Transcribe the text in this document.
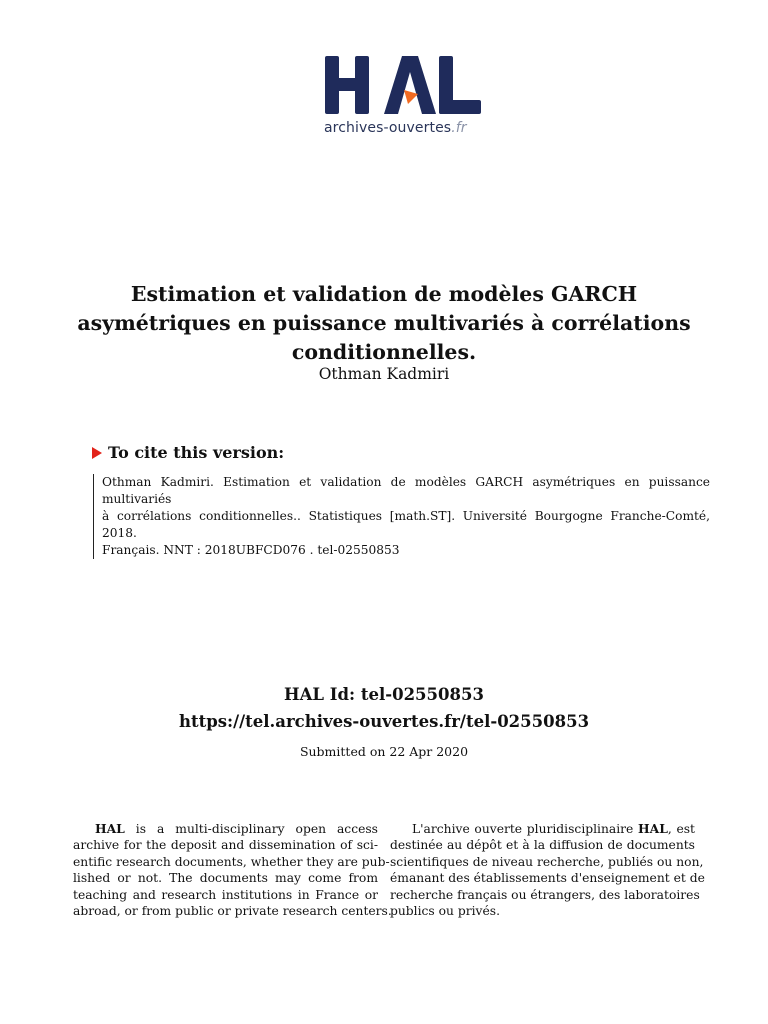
archives-ouvertes.fr
Estimation et validation de modèles GARCH
asymétriques en puissance multivariés à corrélations
conditionnelles.
Othman Kadmiri
To cite this version:
Othman Kadmiri. Estimation et validation de modèles GARCH asymétriques en puissance multivariés
à corrélations conditionnelles.. Statistiques [math.ST]. Université Bourgogne Franche-Comté, 2018.
Français. NNT : 2018UBFCD076 . tel-02550853
HAL Id: tel-02550853
https://tel.archives-ouvertes.fr/tel-02550853
Submitted on 22 Apr 2020
HAL is a multi-disciplinary open access
archive for the deposit and dissemination of sci-
entific research documents, whether they are pub-
lished or not. The documents may come from
teaching and research institutions in France or
abroad, or from public or private research centers.
L'archive ouverte pluridisciplinaire HAL, est
destinée au dépôt et à la diffusion de documents
scientifiques de niveau recherche, publiés ou non,
émanant des établissements d'enseignement et de
recherche français ou étrangers, des laboratoires
publics ou privés.
